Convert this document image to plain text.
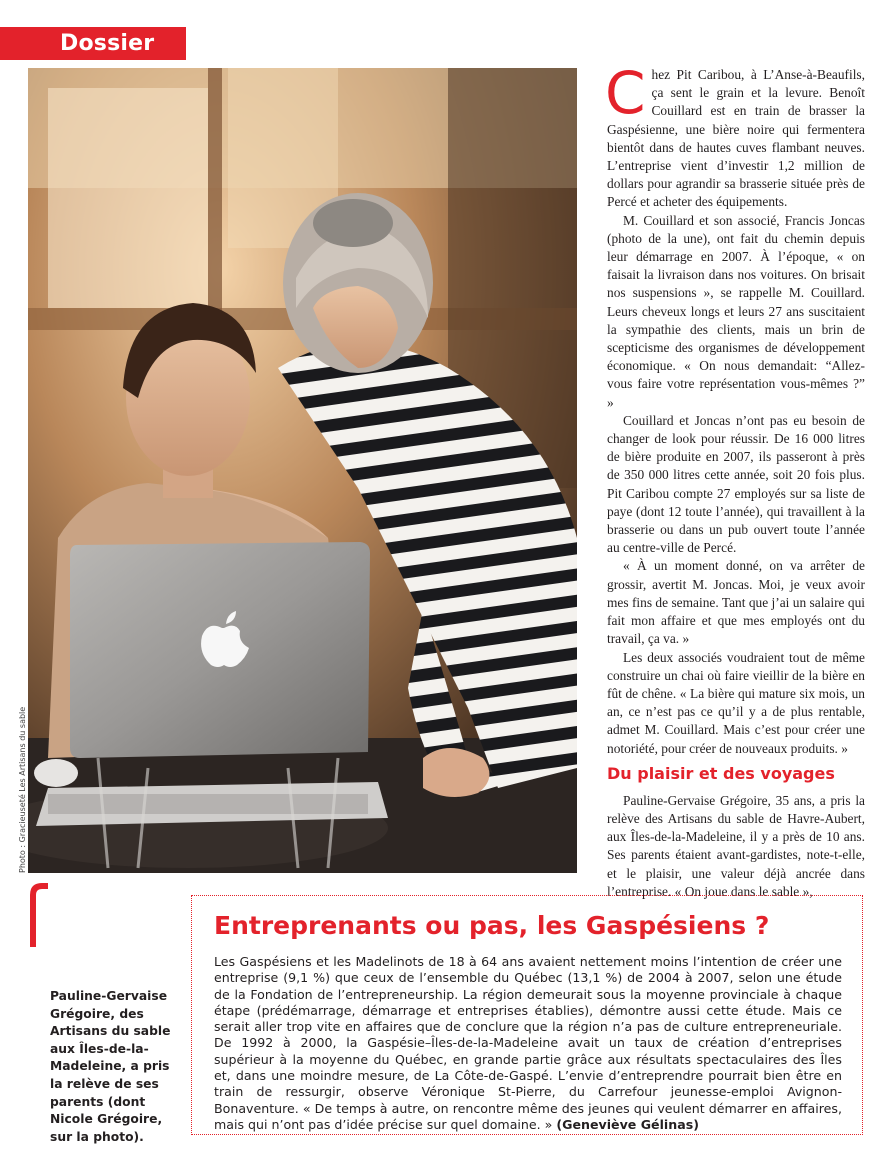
Dossier
Photo : Gracieuseté Les Artisans du sable

Chez Pit Caribou, à L’Anse-à-Beaufils, ça sent le grain et la levure. Benoît Couillard est en train de brasser la Gaspésienne, une bière noire qui fermentera bientôt dans de hautes cuves flambant neuves. L’entreprise vient d’investir 1,2 million de dollars pour agrandir sa brasserie située près de Percé et acheter des équipements.

M. Couillard et son associé, Francis Joncas (photo de la une), ont fait du chemin depuis leur démarrage en 2007. À l’époque, « on faisait la livraison dans nos voitures. On brisait nos suspensions », se rappelle M. Couillard. Leurs cheveux longs et leurs 27 ans suscitaient la sympathie des clients, mais un brin de scepticisme des organismes de développement économique. « On nous demandait: “Allez-vous faire votre représentation vous-mêmes ?” »

Couillard et Joncas n’ont pas eu besoin de changer de look pour réussir. De 16 000 litres de bière produite en 2007, ils passeront à près de 350 000 litres cette année, soit 20 fois plus. Pit Caribou compte 27 employés sur sa liste de paye (dont 12 toute l’année), qui travaillent à la brasserie ou dans un pub ouvert toute l’année au centre-ville de Percé.

« À un moment donné, on va arrêter de grossir, avertit M. Joncas. Moi, je veux avoir mes fins de semaine. Tant que j’ai un salaire qui fait mon affaire et que mes employés ont du travail, ça va. »

Les deux associés voudraient tout de même construire un chai où faire vieillir de la bière en fût de chêne. « La bière qui mature six mois, un an, ce n’est pas ce qu’il y a de plus rentable, admet M. Couillard. Mais c’est pour créer une notoriété, pour créer de nouveaux produits. »

Du plaisir et des voyages

Pauline-Gervaise Grégoire, 35 ans, a pris la relève des Artisans du sable de Havre-Aubert, aux Îles-de-la-Madeleine, il y a près de 10 ans. Ses parents étaient avant-gardistes, note-t-elle, et le plaisir, une valeur déjà ancrée dans l’entreprise. « On joue dans le sable »,

Pauline-Gervaise Grégoire, des Artisans du sable aux Îles-de-la-Madeleine, a pris la relève de ses parents (dont Nicole Grégoire, sur la photo).
Entreprenants ou pas, les Gaspésiens ?
Les Gaspésiens et les Madelinots de 18 à 64 ans avaient nettement moins l’intention de créer une entreprise (9,1 %) que ceux de l’ensemble du Québec (13,1 %) de 2004 à 2007, selon une étude de la Fondation de l’entrepreneurship. La région demeurait sous la moyenne provinciale à chaque étape (prédémarrage, démarrage et entreprises établies), démontre aussi cette étude. Mais ce serait aller trop vite en affaires que de conclure que la région n’a pas de culture entrepreneuriale. De 1992 à 2000, la Gaspésie–Îles-de-la-Madeleine avait un taux de création d’entreprises supérieur à la moyenne du Québec, en grande partie grâce aux résultats spectaculaires des Îles et, dans une moindre mesure, de La Côte-de-Gaspé. L’envie d’entreprendre pourrait bien être en train de ressurgir, observe Véronique St-Pierre, du Carrefour jeunesse-emploi Avignon-Bonaventure. « De temps à autre, on rencontre même des jeunes qui veulent démarrer en affaires, mais qui n’ont pas d’idée précise sur quel domaine. » (Geneviève Gélinas)
